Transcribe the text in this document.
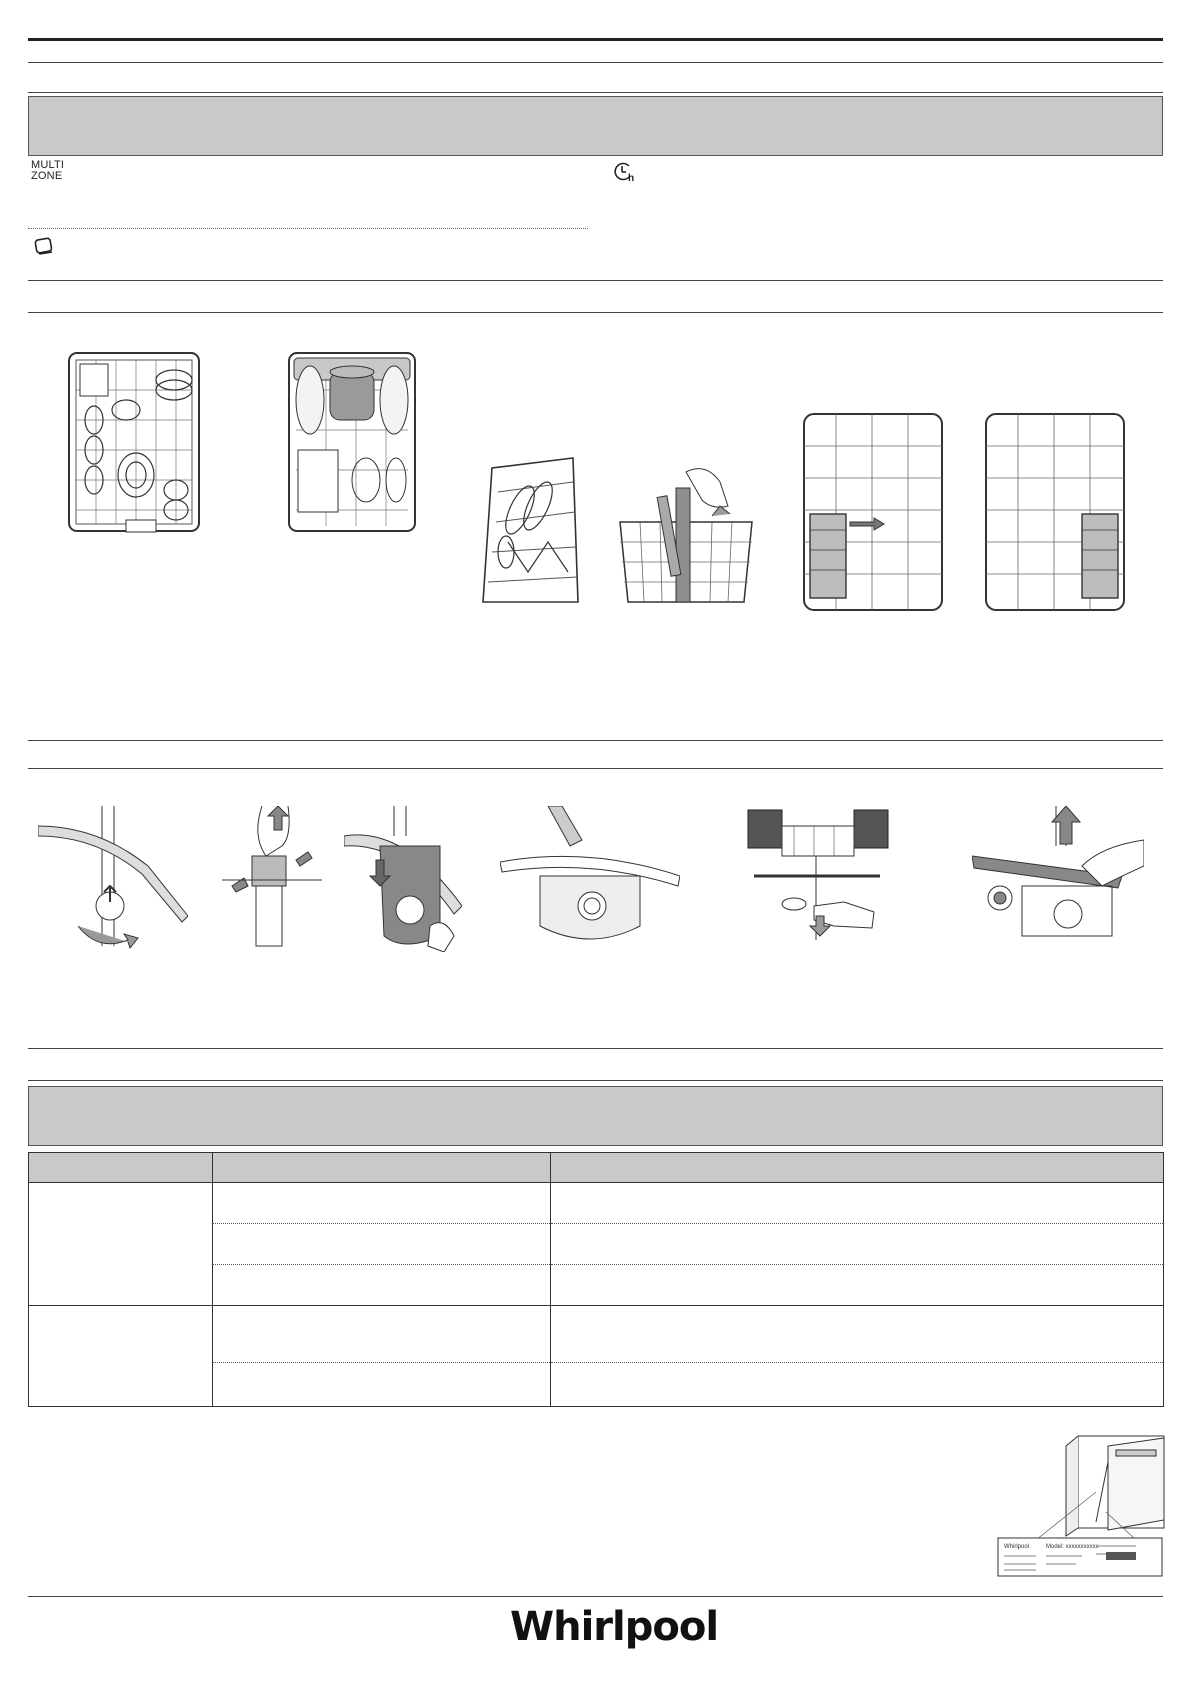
MULTI
ZONE	h

Whirlpool	Model: xxxxxxxxxxx
Whirlpool
